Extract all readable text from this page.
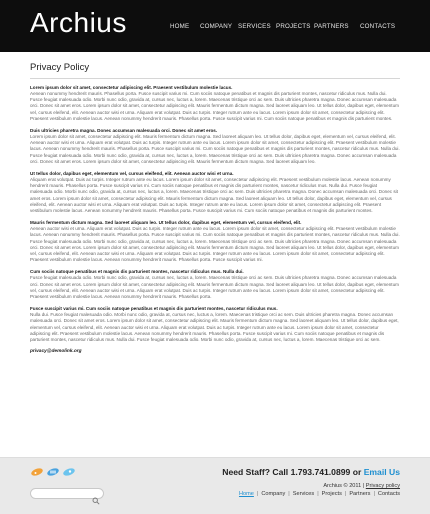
Archius	HOME	COMPANY SERVICES PROJECTS PARTNERS	CONTACTS
Privacy Policy
Lorem ipsum dolor sit amet, consectetur adipiscing elit. Praesent vestibulum molestie lacus.
Aenean nonummy hendrerit mauris. Phasellus porta. Fusce suscipit varius mi. Cum sociis natoque penatibus et magnis dis parturient montes, nascetur ridiculus mus. Nulla dui. Fusce feugiat malesuada odio. Morbi nunc odio, gravida at, cursus nec, luctus a, lorem. Maecenas tristique orci ac sem. Duis ultricies pharetra magna. Donec accumsan malesuada orci. Donec sit amet eros. Lorem ipsum dolor sit amet, consectetur adipiscing elit. Mauris fermentum dictum magna. Sed laoreet aliquam leo. Ut tellus dolor, dapibus eget, elementum vel, cursus eleifend, elit. Aenean auctor wisi et urna. Aliquam erat volutpat. Duis ac turpis. Integer rutrum ante eu lacus. Lorem ipsum dolor sit amet, consectetur adipiscing elit. Praesent vestibulum molestie lacus. Aenean nonummy hendrerit mauris. Phasellus porta. Fusce suscipit varius mi. Cum sociis natoque penatibus et magnis dis parturient montes.
Duis ultricies pharetra magna. Donec accumsan malesuada orci. Donec sit amet eros.
Lorem ipsum dolor sit amet, consectetur adipiscing elit. Mauris fermentum dictum magna. Sed laoreet aliquam leo. Ut tellus dolor, dapibus eget, elementum vel, cursus eleifend, elit. Aenean auctor wisi et urna. Aliquam erat volutpat. Duis ac turpis. Integer rutrum ante eu lacus. Lorem ipsum dolor sit amet, consectetur adipiscing elit. Praesent vestibulum molestie lacus. Aenean nonummy hendrerit mauris. Phasellus porta. Fusce suscipit varius mi. Cum sociis natoque penatibus et magnis dis parturient montes, nascetur ridiculus mus. Nulla dui. Fusce feugiat malesuada odio. Morbi nunc odio, gravida at, cursus nec, luctus a, lorem. Maecenas tristique orci ac sem. Duis ultricies pharetra magna. Donec accumsan malesuada orci. Donec sit amet eros. Lorem ipsum dolor sit amet, consectetur adipiscing elit. Mauris fermentum dictum magna. Sed laoreet aliquam leo.
Ut tellus dolor, dapibus eget, elementum vel, cursus eleifend, elit. Aenean auctor wisi et urna.
Aliquam erat volutpat. Duis ac turpis. Integer rutrum ante eu lacus. Lorem ipsum dolor sit amet, consectetur adipiscing elit. Praesent vestibulum molestie lacus. Aenean nonummy hendrerit mauris. Phasellus porta. Fusce suscipit varius mi. Cum sociis natoque penatibus et magnis dis parturient montes, nascetur ridiculus mus. Nulla dui. Fusce feugiat malesuada odio. Morbi nunc odio, gravida at, cursus nec, luctus a, lorem. Maecenas tristique orci ac sem. Duis ultricies pharetra magna. Donec accumsan malesuada orci. Donec sit amet eros. Lorem ipsum dolor sit amet, consectetur adipiscing elit. Mauris fermentum dictum magna. Sed laoreet aliquam leo. Ut tellus dolor, dapibus eget, elementum vel, cursus eleifend, elit. Aenean auctor wisi et urna. Aliquam erat volutpat. Duis ac turpis. Integer rutrum ante eu lacus. Lorem ipsum dolor sit amet, consectetur adipiscing elit. Praesent vestibulum molestie lacus. Aenean nonummy hendrerit mauris. Phasellus porta. Fusce suscipit varius mi. Cum sociis natoque penatibus et magnis dis parturient montes.
Mauris fermentum dictum magna. Sed laoreet aliquam leo. Ut tellus dolor, dapibus eget, elementum vel, cursus eleifend, elit.
Aenean auctor wisi et urna. Aliquam erat volutpat. Duis ac turpis. Integer rutrum ante eu lacus. Lorem ipsum dolor sit amet, consectetur adipiscing elit. Praesent vestibulum molestie lacus. Aenean nonummy hendrerit mauris. Phasellus porta. Fusce suscipit varius mi. Cum sociis natoque penatibus et magnis dis parturient montes, nascetur ridiculus mus. Nulla dui. Fusce feugiat malesuada odio. Morbi nunc odio, gravida at, cursus nec, luctus a, lorem. Maecenas tristique orci ac sem. Duis ultricies pharetra magna. Donec accumsan malesuada orci. Donec sit amet eros. Lorem ipsum dolor sit amet, consectetur adipiscing elit. Mauris fermentum dictum magna. Sed laoreet aliquam leo. Ut tellus dolor, dapibus eget, elementum vel, cursus eleifend, elit. Aenean auctor wisi et urna. Aliquam erat volutpat. Duis ac turpis. Integer rutrum ante eu lacus. Lorem ipsum dolor sit amet, consectetur adipiscing elit. Praesent vestibulum molestie lacus. Aenean nonummy hendrerit mauris. Phasellus porta. Fusce suscipit varius mi.
Cum sociis natoque penatibus et magnis dis parturient montes, nascetur ridiculus mus. Nulla dui.
Fusce feugiat malesuada odio. Morbi nunc odio, gravida at, cursus nec, luctus a, lorem. Maecenas tristique orci ac sem. Duis ultricies pharetra magna. Donec accumsan malesuada orci. Donec sit amet eros. Lorem ipsum dolor sit amet, consectetur adipiscing elit. Mauris fermentum dictum magna. Sed laoreet aliquam leo. Ut tellus dolor, dapibus eget, elementum vel, cursus eleifend, elit. Aenean auctor wisi et urna. Aliquam erat volutpat. Duis ac turpis. Integer rutrum ante eu lacus. Lorem ipsum dolor sit amet, consectetur adipiscing elit. Praesent vestibulum molestie lacus. Aenean nonummy hendrerit mauris. Phasellus porta.
Fusce suscipit varius mi. Cum sociis natoque penatibus et magnis dis parturient montes, nascetur ridiculus mus.
Nulla dui. Fusce feugiat malesuada odio. Morbi nunc odio, gravida at, cursus nec, luctus a, lorem. Maecenas tristique orci ac sem. Duis ultricies pharetra magna. Donec accumsan malesuada orci. Donec sit amet eros. Lorem ipsum dolor sit amet, consectetur adipiscing elit. Mauris fermentum dictum magna. Sed laoreet aliquam leo. Ut tellus dolor, dapibus eget, elementum vel, cursus eleifend, elit. Aenean auctor wisi et urna. Aliquam erat volutpat. Duis ac turpis. Integer rutrum ante eu lacus. Lorem ipsum dolor sit amet, consectetur adipiscing elit. Praesent vestibulum molestie lacus. Aenean nonummy hendrerit mauris. Phasellus porta. Fusce suscipit varius mi. Cum sociis natoque penatibus et magnis dis parturient montes, nascetur ridiculus mus. Nulla dui. Fusce feugiat malesuada odio. Morbi nunc odio, gravida at, cursus nec, luctus a, lorem. Maecenas tristique orci ac sem.
privacy@demolink.org
Need Staff? Call 1.793.741.0899 or Email Us
Archius © 2011 | Privacy policy
Home | Company | Services | Projects | Partners | Contacts
